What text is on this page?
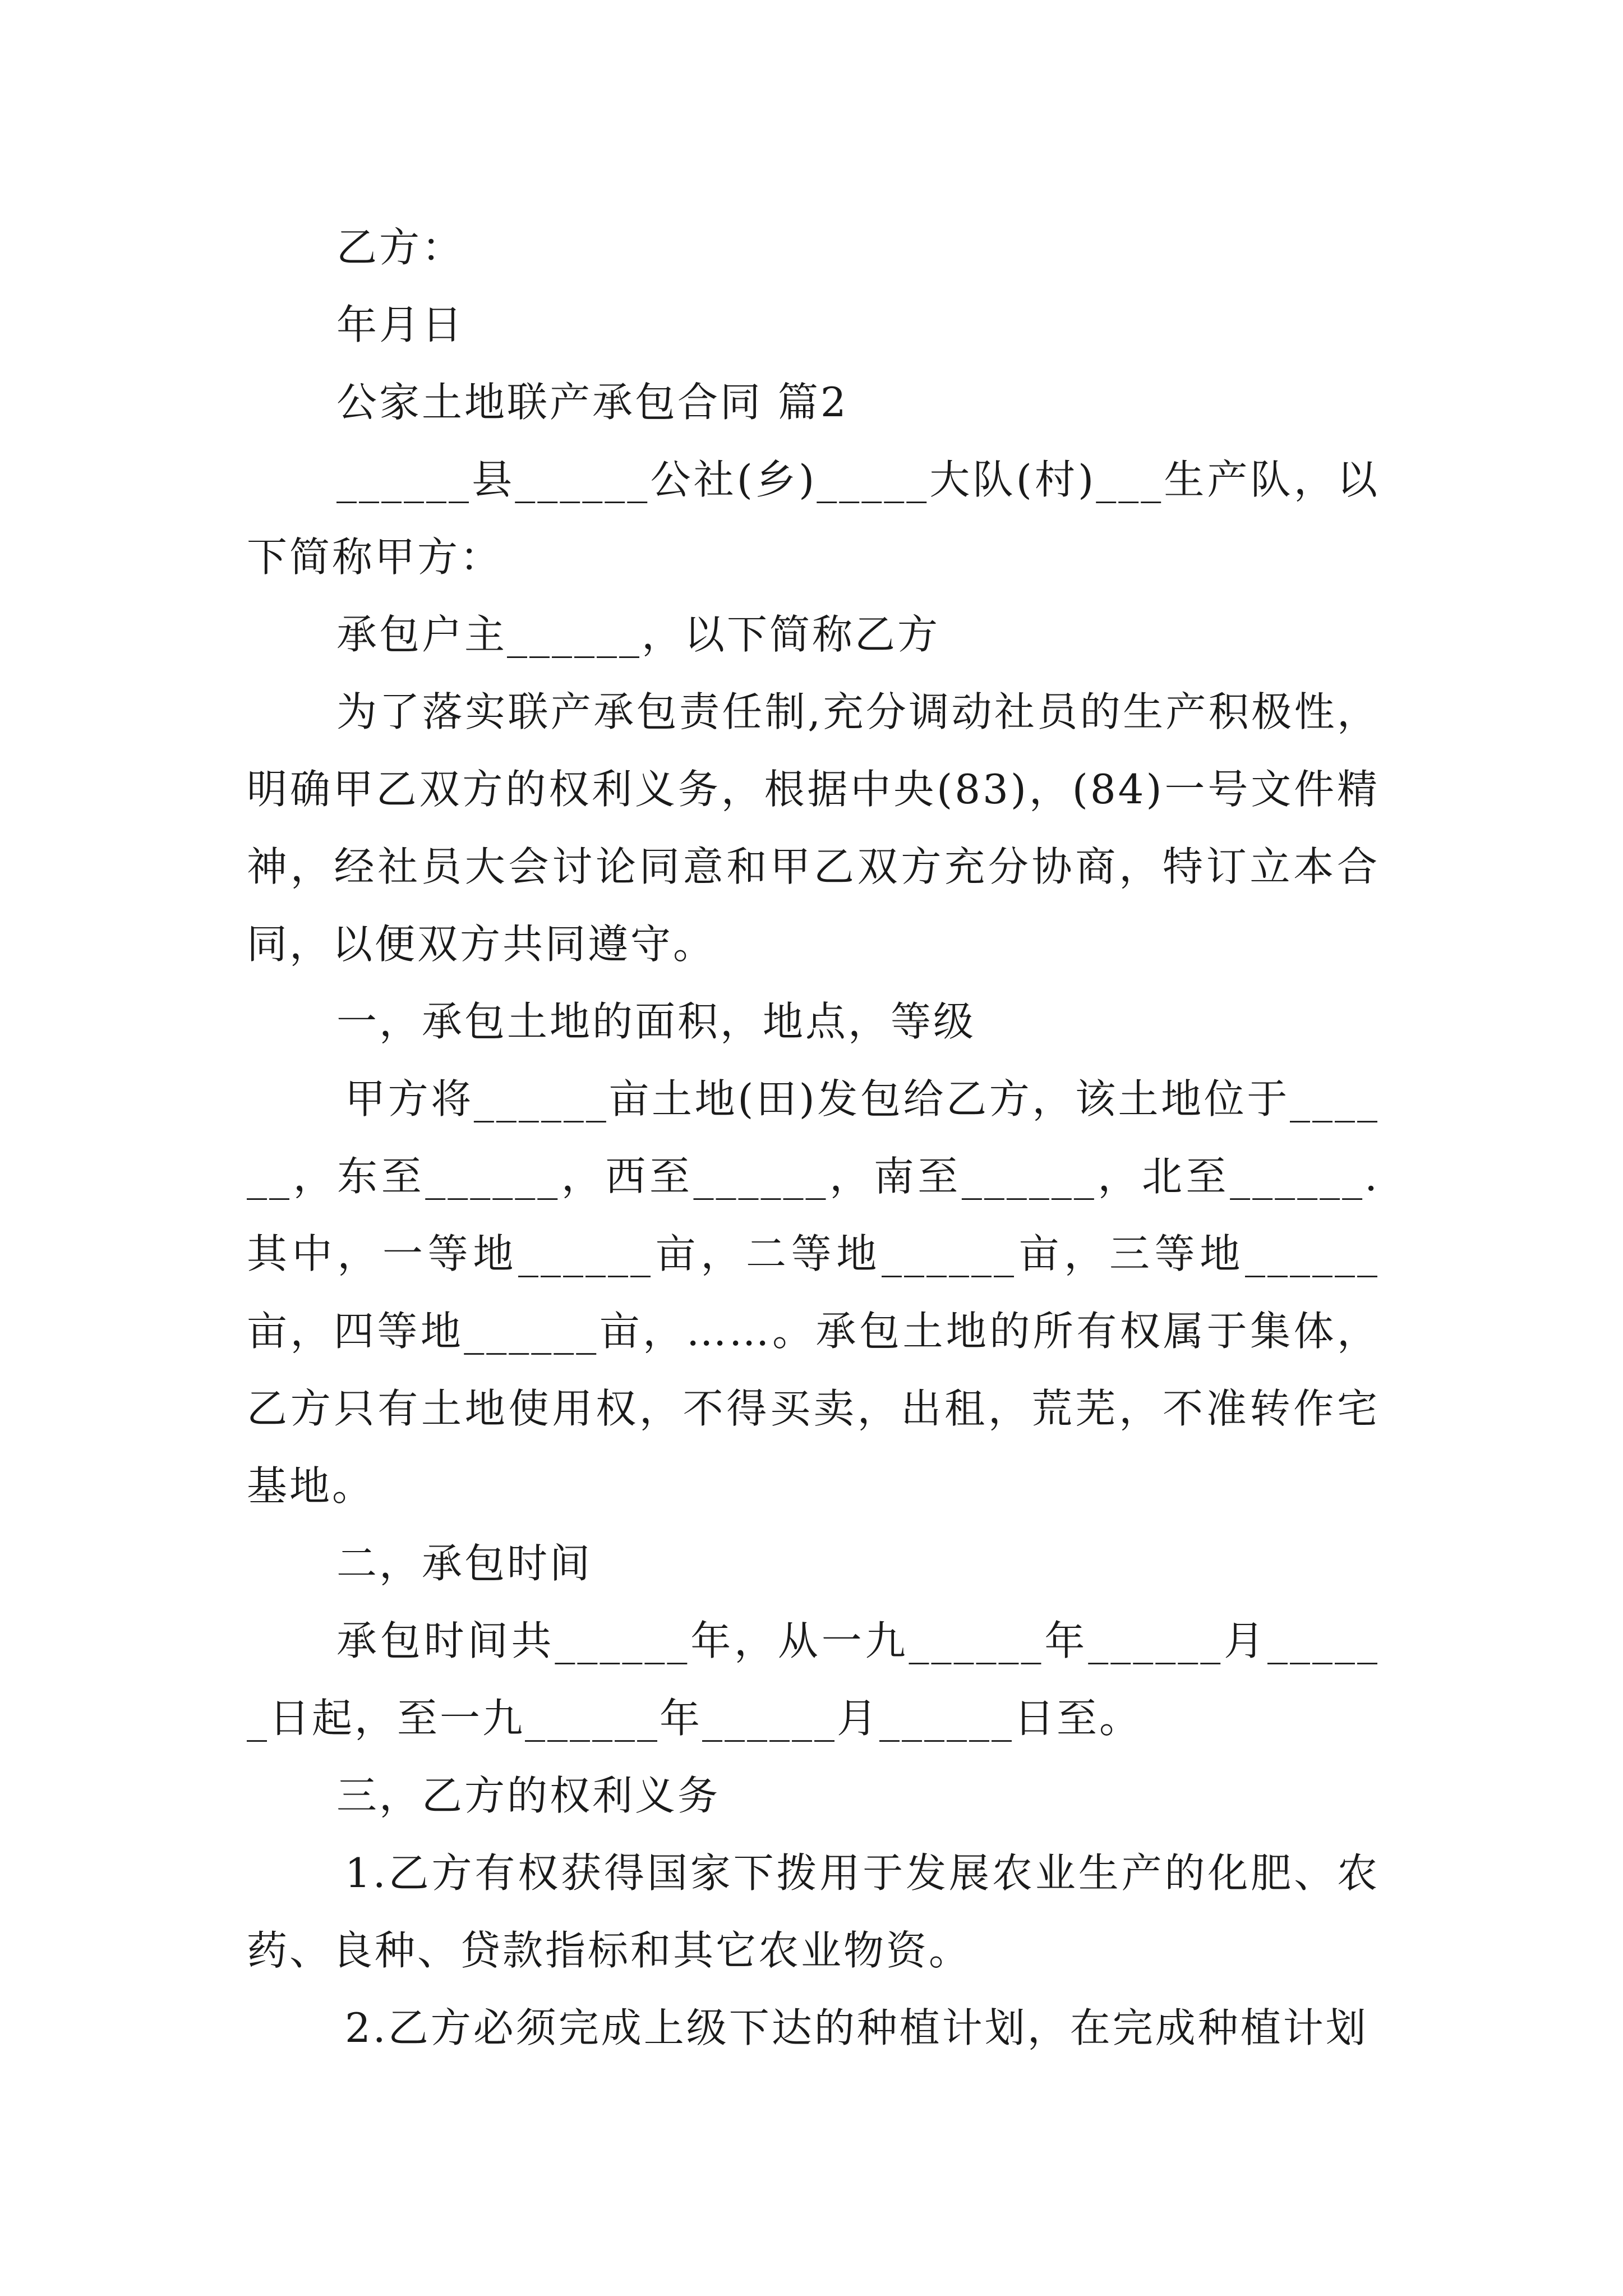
乙方：

年月日

公家土地联产承包合同 篇2

______县______公社(乡)_____大队(村)___生产队，以下简称甲方：

承包户主______，以下简称乙方

为了落实联产承包责任制,充分调动社员的生产积极性，明确甲乙双方的权利义务，根据中央(83)，(84)一号文件精神，经社员大会讨论同意和甲乙双方充分协商，特订立本合同，以便双方共同遵守。

一，承包土地的面积，地点，等级

甲方将______亩土地(田)发包给乙方，该土地位于______，东至______，西至______，南至______，北至______.其中，一等地______亩，二等地______亩，三等地______亩，四等地______亩，……。承包土地的所有权属于集体，乙方只有土地使用权，不得买卖，出租，荒芜，不准转作宅基地。

二，承包时间

承包时间共______年，从一九______年______月______日起，至一九______年______月______日至。

三，乙方的权利义务

1.乙方有权获得国家下拨用于发展农业生产的化肥、农药、良种、贷款指标和其它农业物资。

2.乙方必须完成上级下达的种植计划，在完成种植计划
